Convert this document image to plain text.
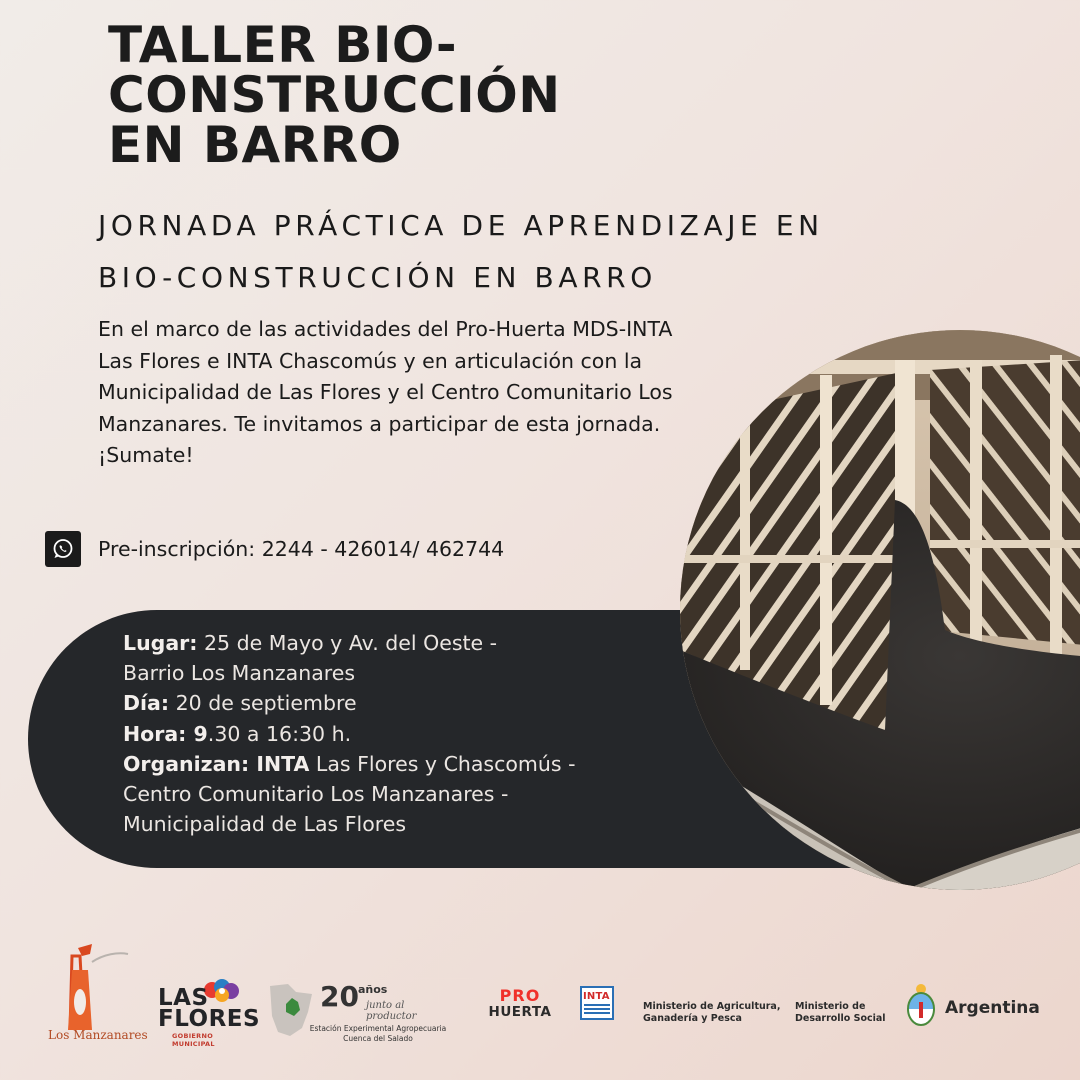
TALLER BIO-
CONSTRUCCIÓN
EN BARRO
JORNADA PRÁCTICA DE APRENDIZAJE EN
BIO-CONSTRUCCIÓN EN BARRO

En el marco de las actividades del Pro-Huerta MDS-INTA Las Flores e INTA Chascomús y en articulación con la Municipalidad de Las Flores y el Centro Comunitario Los Manzanares. Te invitamos a participar de esta jornada. ¡Sumate!

Pre-inscripción: 2244 - 426014/ 462744
Lugar: 25 de Mayo y Av. del Oeste -
Barrio Los Manzanares
Día: 20 de septiembre
Hora: 9.30 a 16:30 h.
Organizan: INTA Las Flores y Chascomús -
Centro Comunitario Los Manzanares -
Municipalidad de Las Flores
Los Manzanares
LAS
FLORES
GOBIERNO MUNICIPAL
20 años
junto al productor
Estación Experimental Agropecuaria
Cuenca del Salado
PRO
HUERTA
INTA
Ministerio de Agricultura,
Ganadería y Pesca
Ministerio de
Desarrollo Social
Argentina
